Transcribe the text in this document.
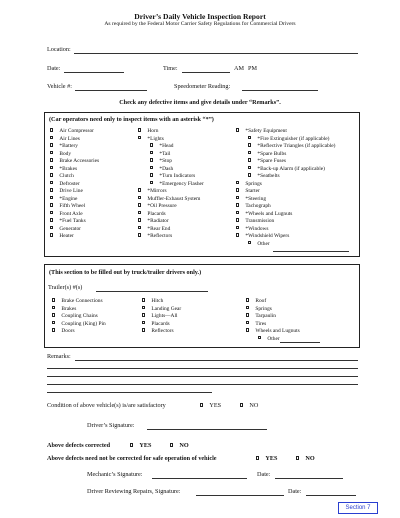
Driver’s Daily Vehicle Inspection Report
As required by the Federal Motor Carrier Safety Regulations for Commercial Drivers
Location:
Date:	Time:	AM PM
Vehicle #:	Speedometer Reading:
Check any defective items and give details under “Remarks”.
(Car operators need only to inspect items with an asterisk “*”)
Air Compressor
Air Lines
*Battery
Body
Brake Accessories
*Brakes
Clutch
Defroster
Drive Line
*Engine
Fifth Wheel
Front Axle
*Fuel Tanks
Generator
Heater
Horn
*Lights
*Head
*Tail
*Stop
*Dash
*Turn Indicators
*Emergency Flasher
*Mirrors
Muffler-Exhaust System
*Oil Pressure
Placards
*Radiator
*Rear End
*Reflectors
*Safety Equipment
*Fire Extinguisher (if applicable)
*Reflective Triangles (if applicable)
*Spare Bulbs
*Spare Fuses
*Back-up Alarm (if applicable)
*Seatbelts
Springs
Starter
*Steering
Tachograph
*Wheels and Lugnuts
Transmission
*Windows
*Windshield Wipers
Other
(This section to be filled out by truck/trailer drivers only.)
Trailer(s) #(s)
Brake Connections
Brakes
Coupling Chains
Coupling (King) Pin
Doors
Hitch
Landing Gear
Lights—All
Placards
Reflectors
Roof
Springs
Tarpaulin
Tires
Wheels and Lugnuts
Other
Remarks:
Condition of above vehicle(s) is/are satisfactory	YES	NO
Driver’s Signature:
Above defects corrected	YES	NO
Above defects need not be corrected for safe operation of vehicle	YES	NO
Mechanic’s Signature:	Date:
Driver Reviewing Repairs, Signature:	Date:
Section 7
